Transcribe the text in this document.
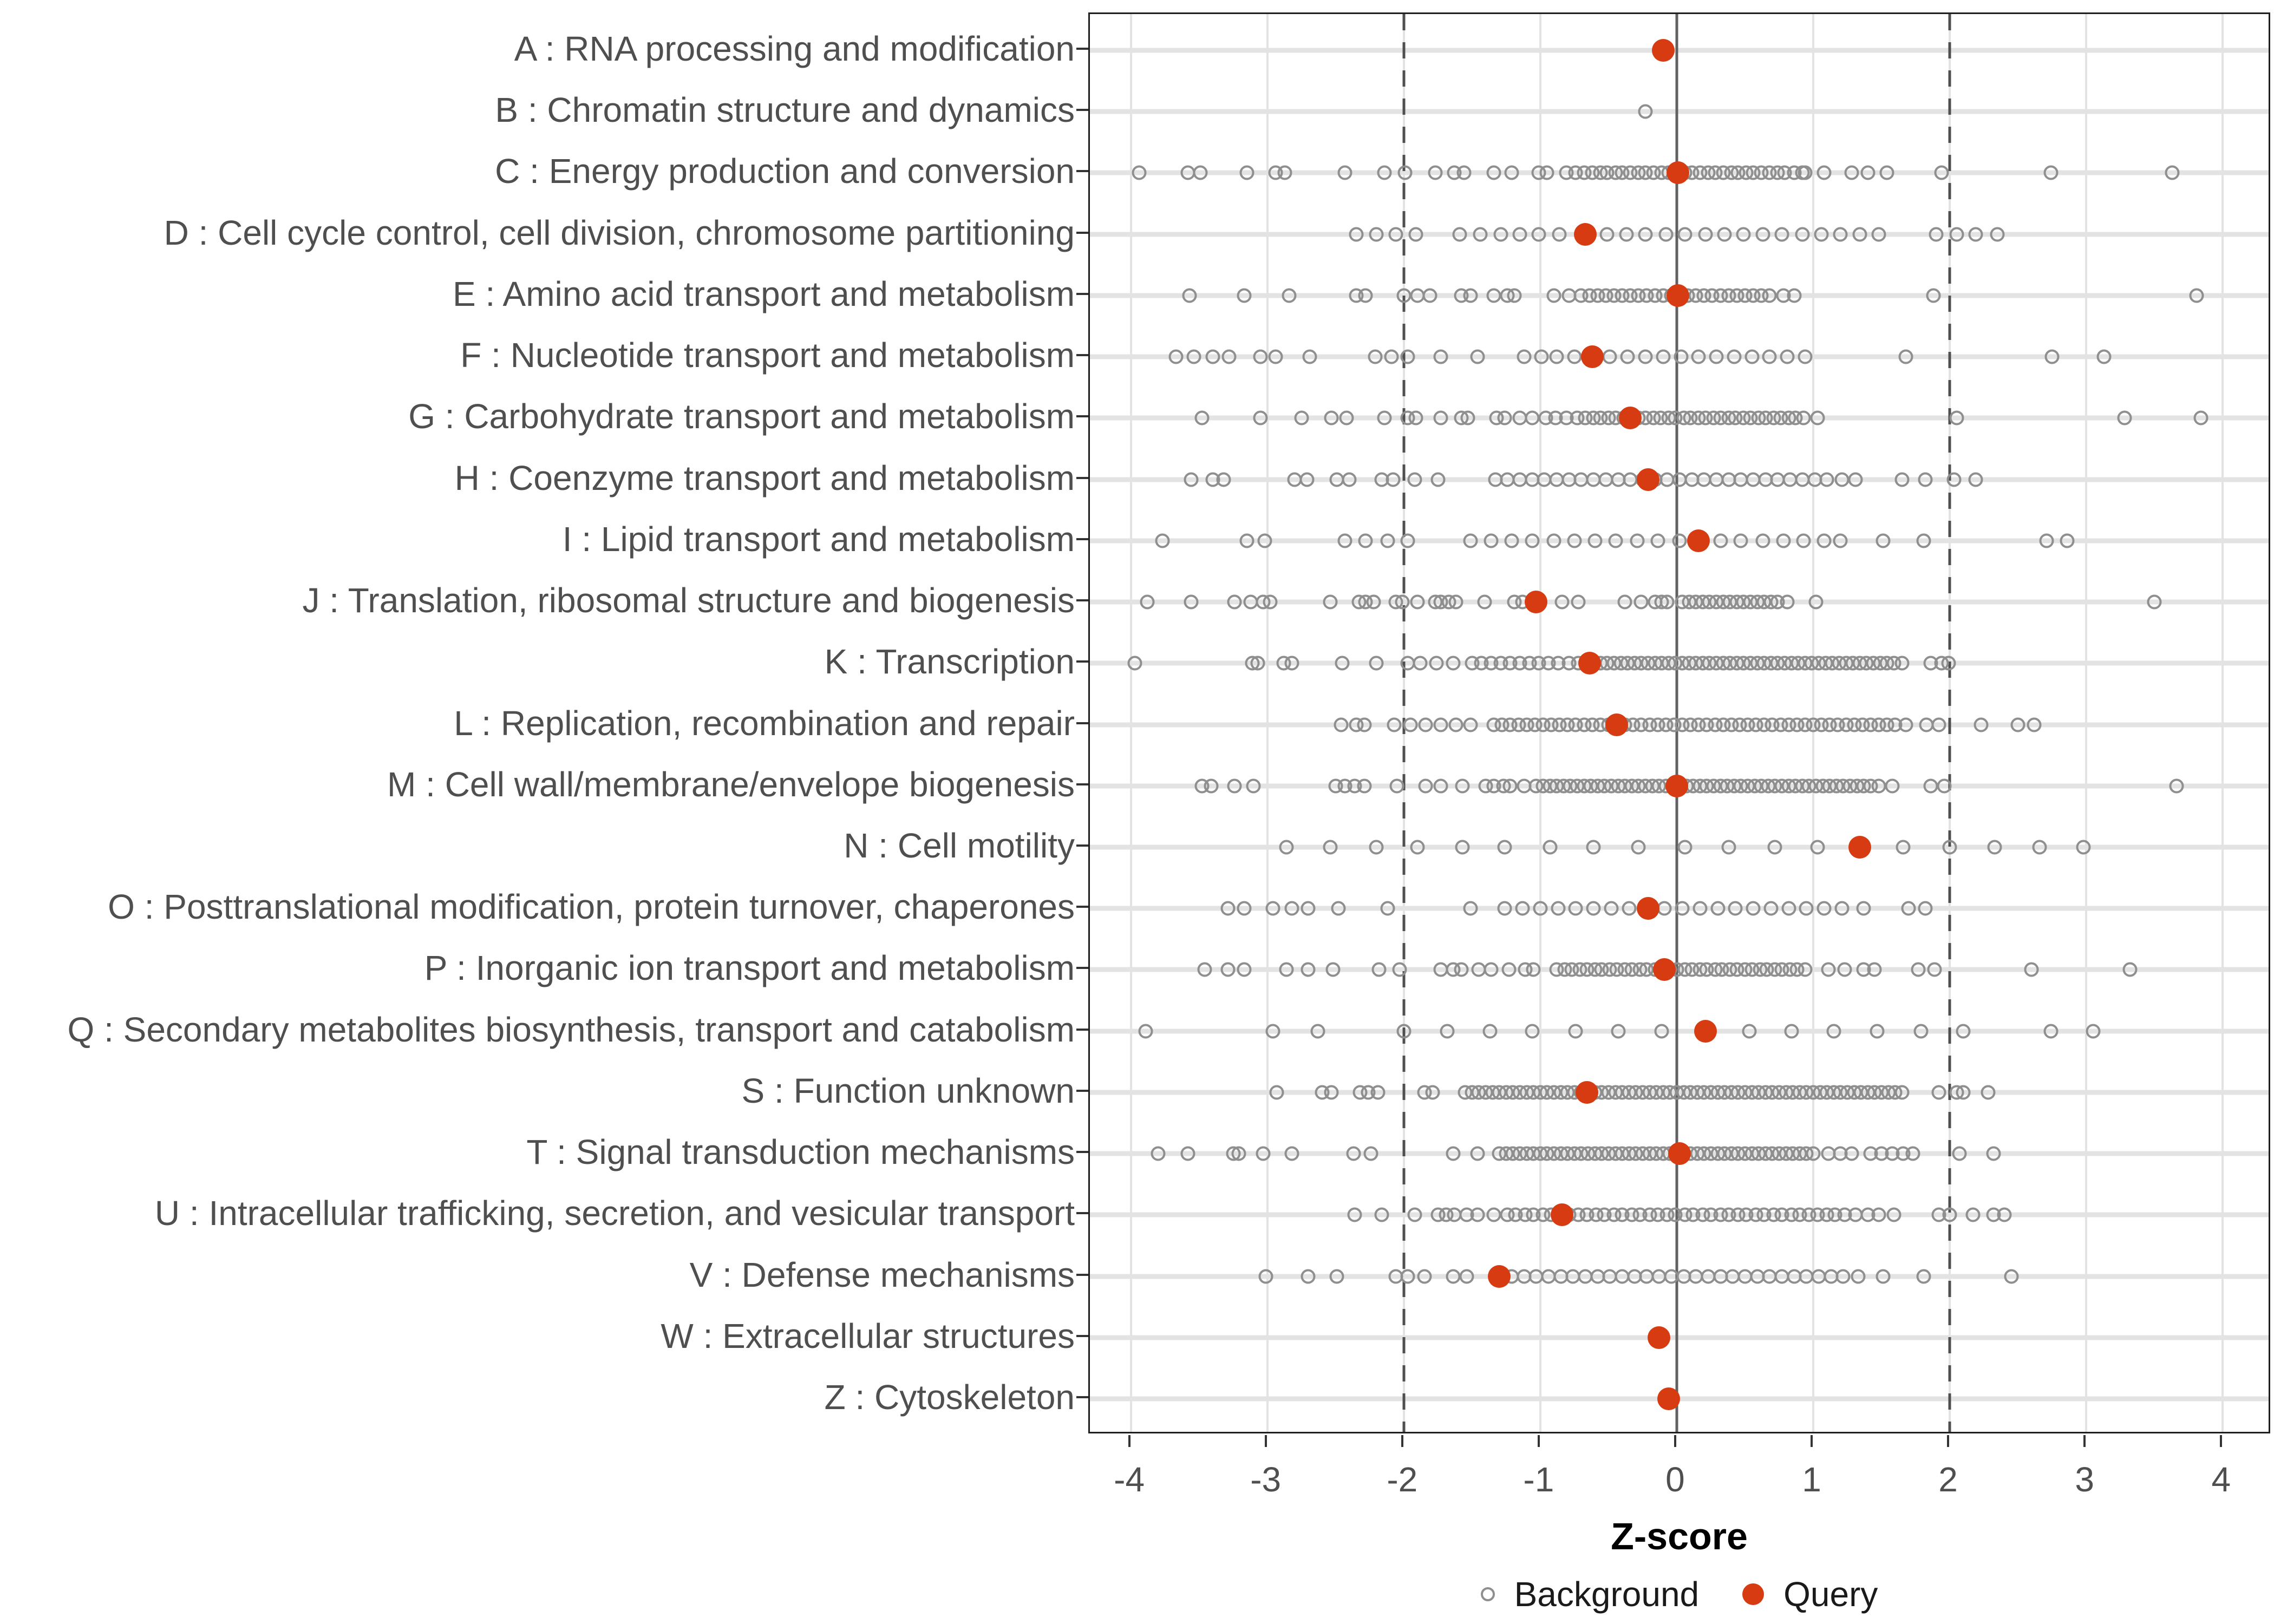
Z-score
Background Query
-4	-3	-2	-1	0	1	2	3	4
A : RNA processing and modification
B : Chromatin structure and dynamics
C : Energy production and conversion
D : Cell cycle control, cell division, chromosome partitioning
E : Amino acid transport and metabolism
F : Nucleotide transport and metabolism
G : Carbohydrate transport and metabolism
H : Coenzyme transport and metabolism
I : Lipid transport and metabolism
J : Translation, ribosomal structure and biogenesis
K : Transcription
L : Replication, recombination and repair
M : Cell wall/membrane/envelope biogenesis
N : Cell motility
O : Posttranslational modification, protein turnover, chaperones
P : Inorganic ion transport and metabolism
Q : Secondary metabolites biosynthesis, transport and catabolism
S : Function unknown
T : Signal transduction mechanisms
U : Intracellular trafficking, secretion, and vesicular transport
V : Defense mechanisms
W : Extracellular structures
Z : Cytoskeleton
